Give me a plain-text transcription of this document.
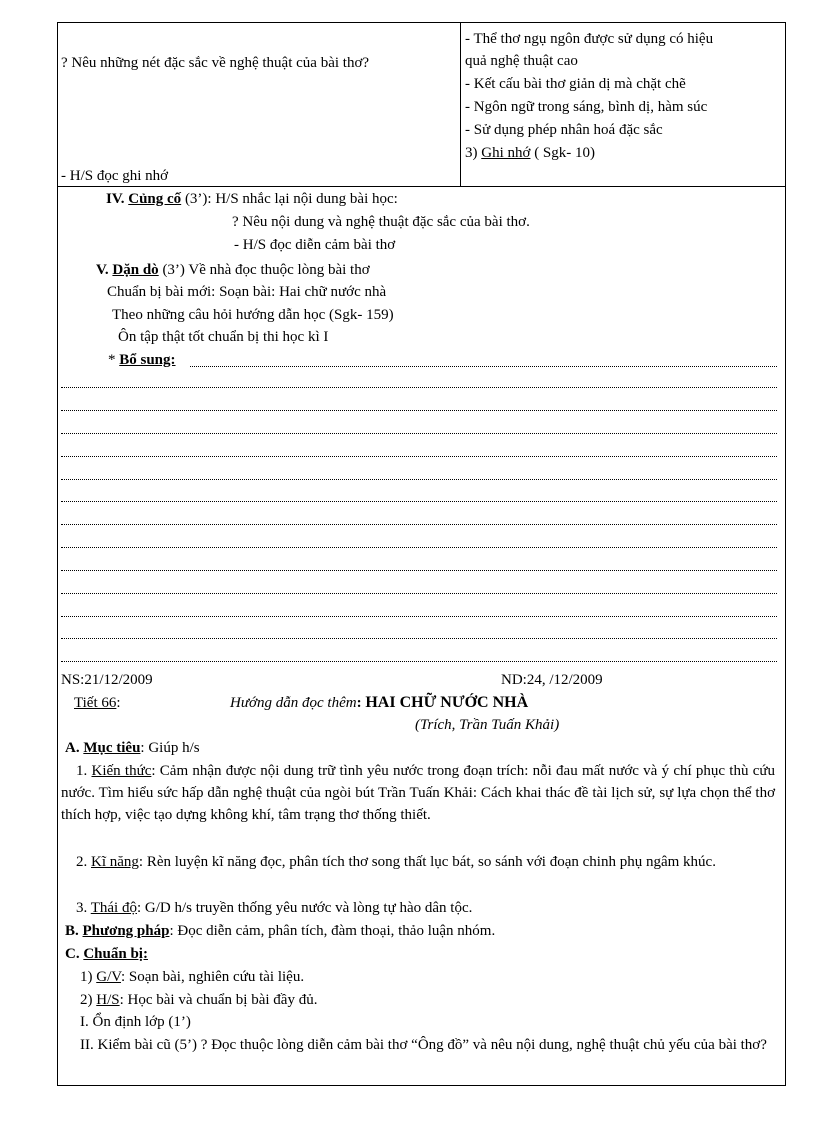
? Nêu những nét đặc sắc về nghệ thuật của bài thơ?
- H/S đọc ghi nhớ
- Thể thơ ngụ ngôn được sử dụng có hiệu
quả nghệ thuật cao
- Kết cấu bài thơ giản dị mà chặt chẽ
- Ngôn ngữ trong sáng, bình dị, hàm súc
- Sử dụng phép nhân hoá đặc sắc
3) Ghi nhớ ( Sgk- 10)
IV. Củng cố (3’): H/S nhắc lại nội dung bài học:
? Nêu nội dung và nghệ thuật đặc sắc của bài thơ.
- H/S đọc diễn cảm bài thơ
V. Dặn dò (3’) Về nhà đọc thuộc lòng bài thơ
Chuẩn bị bài mới: Soạn bài: Hai chữ nước nhà
Theo những câu hỏi hướng dẫn học (Sgk- 159)
Ôn tập thật tốt chuẩn bị thi học kì I
* Bổ sung:
NS:21/12/2009	ND:24, /12/2009
Tiết 66:	Hướng dẫn đọc thêm: HAI CHỮ NƯỚC NHÀ
(Trích, Trần Tuấn Khải)
A. Mục tiêu: Giúp h/s
1. Kiến thức: Cảm nhận được nội dung trữ tình yêu nước trong đoạn trích: nỗi đau mất nước và ý chí phục thù cứu nước. Tìm hiểu sức hấp dẫn nghệ thuật của ngòi bút Trần Tuấn Khải: Cách khai thác đề tài lịch sử, sự lựa chọn thể thơ thích hợp, việc tạo dựng không khí, tâm trạng thơ thống thiết.
2. Kĩ năng: Rèn luyện kĩ năng đọc, phân tích thơ song thất lục bát, so sánh với đoạn chinh phụ ngâm khúc.
3. Thái độ: G/D h/s truyền thống yêu nước và lòng tự hào dân tộc.
B. Phương pháp: Đọc diễn cảm, phân tích, đàm thoại, thảo luận nhóm.
C. Chuẩn bị:
1) G/V: Soạn bài, nghiên cứu tài liệu.
2) H/S: Học bài và chuẩn bị bài đầy đủ.
I. Ổn định lớp (1’)
II. Kiểm bài cũ (5’) ? Đọc thuộc lòng diễn cảm bài thơ “Ông đồ” và nêu nội dung, nghệ thuật chủ yếu của bài thơ?
